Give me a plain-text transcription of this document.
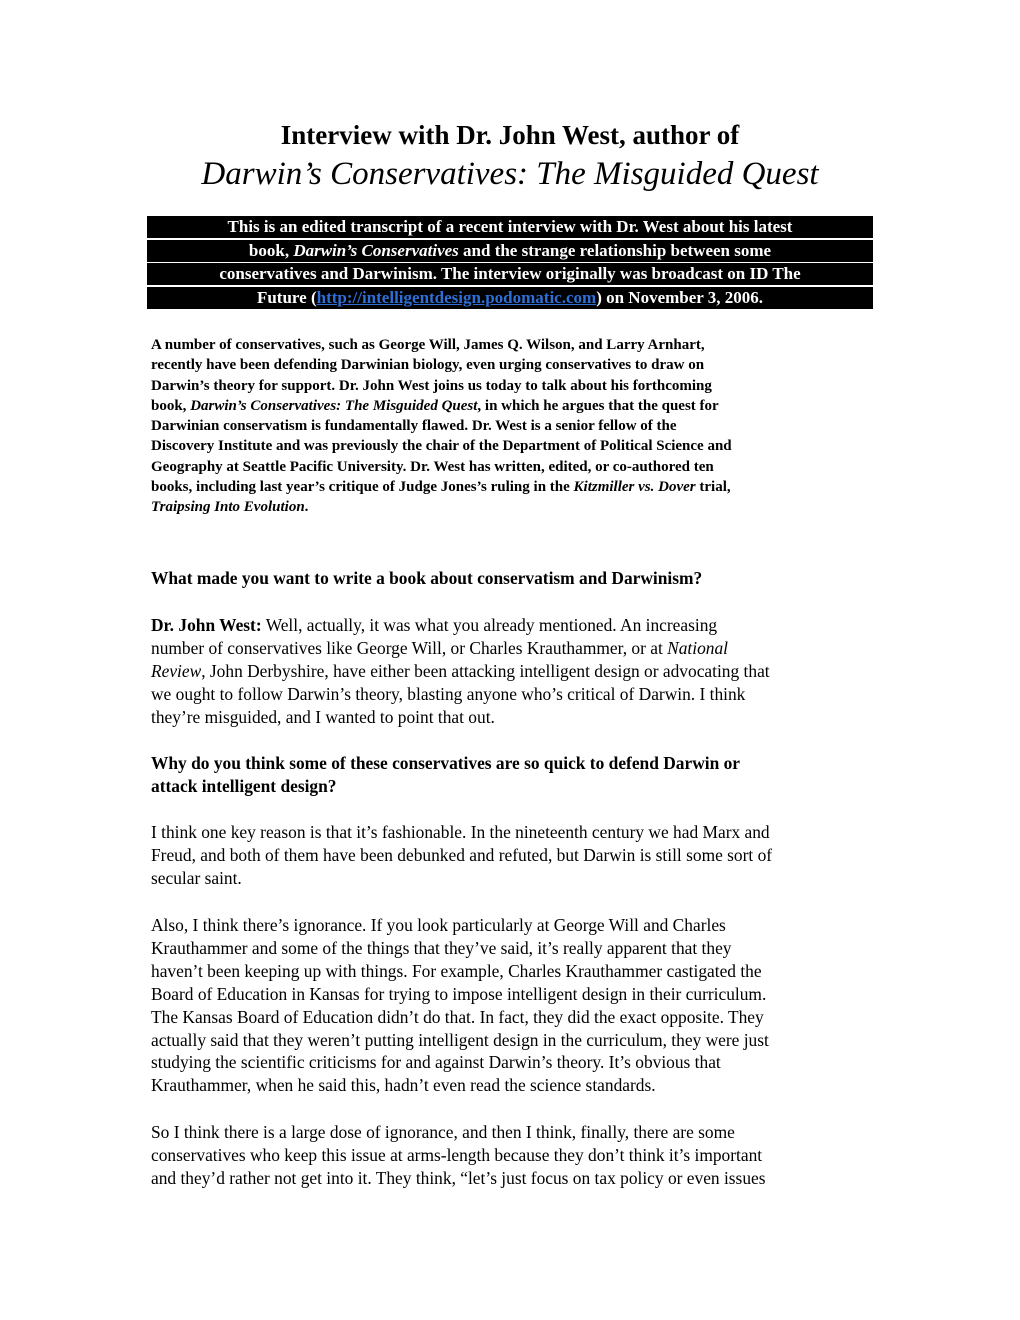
Interview with Dr. John West, author of
Darwin’s Conservatives: The Misguided Quest
This is an edited transcript of a recent interview with Dr. West about his latest
book, Darwin’s Conservatives and the strange relationship between some
conservatives and Darwinism. The interview originally was broadcast on ID The
Future (http://intelligentdesign.podomatic.com) on November 3, 2006.
A number of conservatives, such as George Will, James Q. Wilson, and Larry Arnhart,
recently have been defending Darwinian biology, even urging conservatives to draw on
Darwin’s theory for support. Dr. John West joins us today to talk about his forthcoming
book, Darwin’s Conservatives: The Misguided Quest, in which he argues that the quest for
Darwinian conservatism is fundamentally flawed. Dr. West is a senior fellow of the
Discovery Institute and was previously the chair of the Department of Political Science and
Geography at Seattle Pacific University. Dr. West has written, edited, or co-authored ten
books, including last year’s critique of Judge Jones’s ruling in the Kitzmiller vs. Dover trial,
Traipsing Into Evolution.
What made you want to write a book about conservatism and Darwinism?
Dr. John West: Well, actually, it was what you already mentioned. An increasing
number of conservatives like George Will, or Charles Krauthammer, or at National
Review, John Derbyshire, have either been attacking intelligent design or advocating that
we ought to follow Darwin’s theory, blasting anyone who’s critical of Darwin. I think
they’re misguided, and I wanted to point that out.
Why do you think some of these conservatives are so quick to defend Darwin or
attack intelligent design?
I think one key reason is that it’s fashionable. In the nineteenth century we had Marx and
Freud, and both of them have been debunked and refuted, but Darwin is still some sort of
secular saint.
Also, I think there’s ignorance. If you look particularly at George Will and Charles
Krauthammer and some of the things that they’ve said, it’s really apparent that they
haven’t been keeping up with things. For example, Charles Krauthammer castigated the
Board of Education in Kansas for trying to impose intelligent design in their curriculum.
The Kansas Board of Education didn’t do that. In fact, they did the exact opposite. They
actually said that they weren’t putting intelligent design in the curriculum, they were just
studying the scientific criticisms for and against Darwin’s theory. It’s obvious that
Krauthammer, when he said this, hadn’t even read the science standards.
So I think there is a large dose of ignorance, and then I think, finally, there are some
conservatives who keep this issue at arms-length because they don’t think it’s important
and they’d rather not get into it. They think, “let’s just focus on tax policy or even issues
